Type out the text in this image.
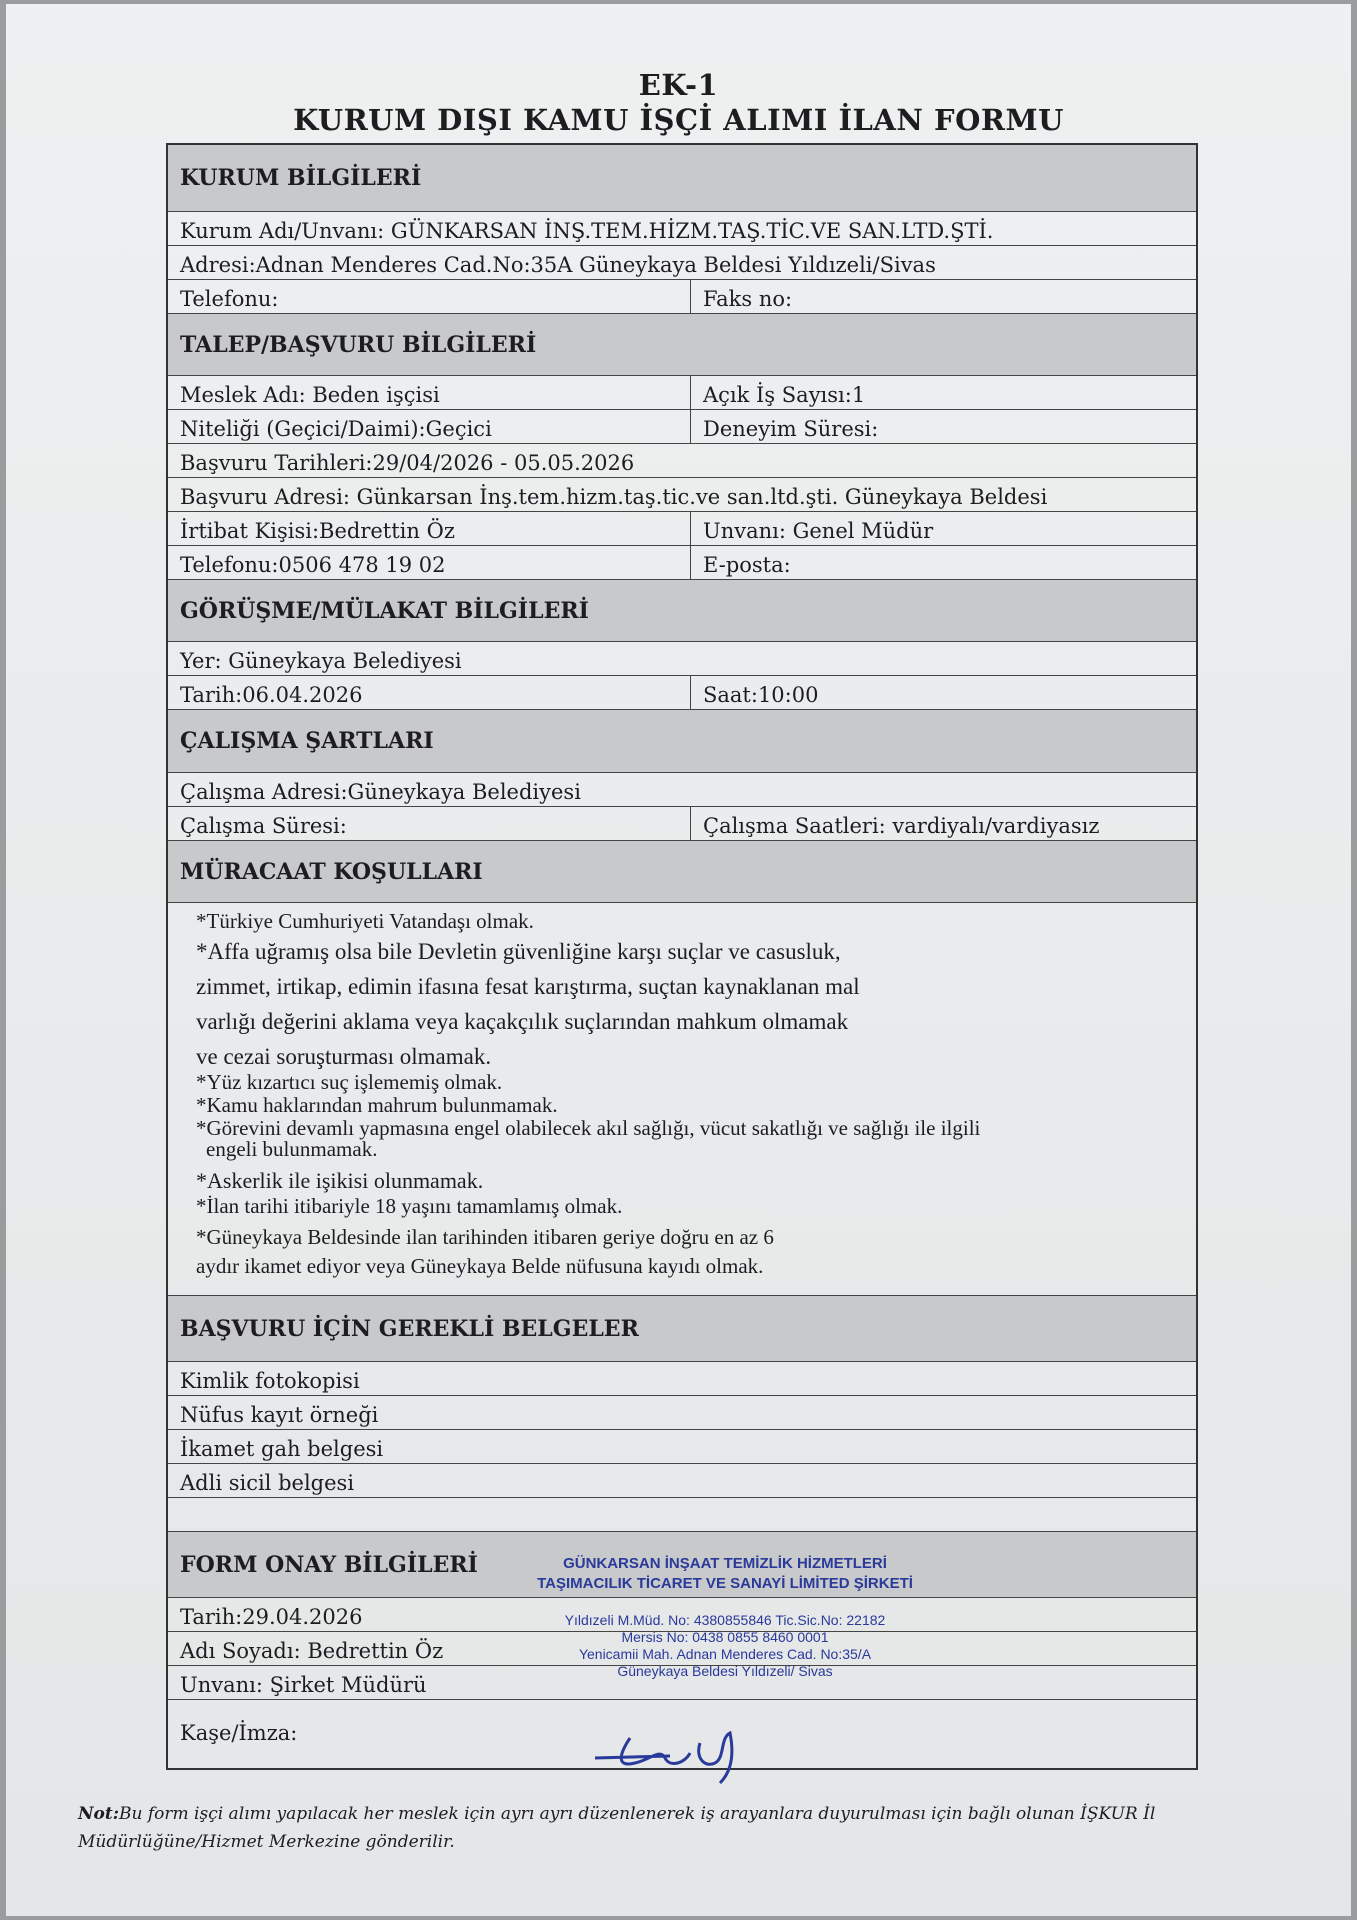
EK-1
KURUM DIŞI KAMU İŞÇİ ALIMI İLAN FORMU
KURUM BİLGİLERİ
Kurum Adı/Unvanı: GÜNKARSAN İNŞ.TEM.HİZM.TAŞ.TİC.VE SAN.LTD.ŞTİ.
Adresi:Adnan Menderes Cad.No:35A Güneykaya Beldesi Yıldızeli/Sivas
Telefonu:	Faks no:
TALEP/BAŞVURU BİLGİLERİ
Meslek Adı: Beden işçisi	Açık İş Sayısı:1
Niteliği (Geçici/Daimi):Geçici	Deneyim Süresi:
Başvuru Tarihleri:29/04/2026 - 05.05.2026
Başvuru Adresi: Günkarsan İnş.tem.hizm.taş.tic.ve san.ltd.şti. Güneykaya Beldesi
İrtibat Kişisi:Bedrettin Öz	Unvanı: Genel Müdür
Telefonu:0506 478 19 02	E-posta:
GÖRÜŞME/MÜLAKAT BİLGİLERİ
Yer: Güneykaya Belediyesi
Tarih:06.04.2026	Saat:10:00
ÇALIŞMA ŞARTLARI
Çalışma Adresi:Güneykaya Belediyesi
Çalışma Süresi:	Çalışma Saatleri: vardiyalı/vardiyasız
MÜRACAAT KOŞULLARI
*Türkiye Cumhuriyeti Vatandaşı olmak.
*Affa uğramış olsa bile Devletin güvenliğine karşı suçlar ve casusluk,
zimmet, irtikap, edimin ifasına fesat karıştırma, suçtan kaynaklanan mal
varlığı değerini aklama veya kaçakçılık suçlarından mahkum olmamak
ve cezai soruşturması olmamak.
*Yüz kızartıcı suç işlememiş olmak.
*Kamu haklarından mahrum bulunmamak.
*Görevini devamlı yapmasına engel olabilecek akıl sağlığı, vücut sakatlığı ve sağlığı ile ilgili
engeli bulunmamak.
*Askerlik ile işikisi olunmamak.
*İlan tarihi itibariyle 18 yaşını tamamlamış olmak.
*Güneykaya Beldesinde ilan tarihinden itibaren geriye doğru en az 6
aydır ikamet ediyor veya Güneykaya Belde nüfusuna kayıdı olmak.
BAŞVURU İÇİN GEREKLİ BELGELER
Kimlik fotokopisi
Nüfus kayıt örneği
İkamet gah belgesi
Adli sicil belgesi
FORM ONAY BİLGİLERİ
Tarih:29.04.2026
Adı Soyadı: Bedrettin Öz
Unvanı: Şirket Müdürü
Kaşe/İmza:
GÜNKARSAN İNŞAAT TEMİZLİK HİZMETLERİ
TAŞIMACILIK TİCARET VE SANAYİ LİMİTED ŞİRKETİ
Yıldızeli M.Müd. No: 4380855846 Tic.Sic.No: 22182
Mersis No: 0438 0855 8460 0001
Yenicamii Mah. Adnan Menderes Cad. No:35/A
Güneykaya Beldesi Yıldızeli/ Sivas
Not:Bu form işçi alımı yapılacak her meslek için ayrı ayrı düzenlenerek iş arayanlara duyurulması için bağlı olunan İŞKUR İl Müdürlüğüne/Hizmet Merkezine gönderilir.
